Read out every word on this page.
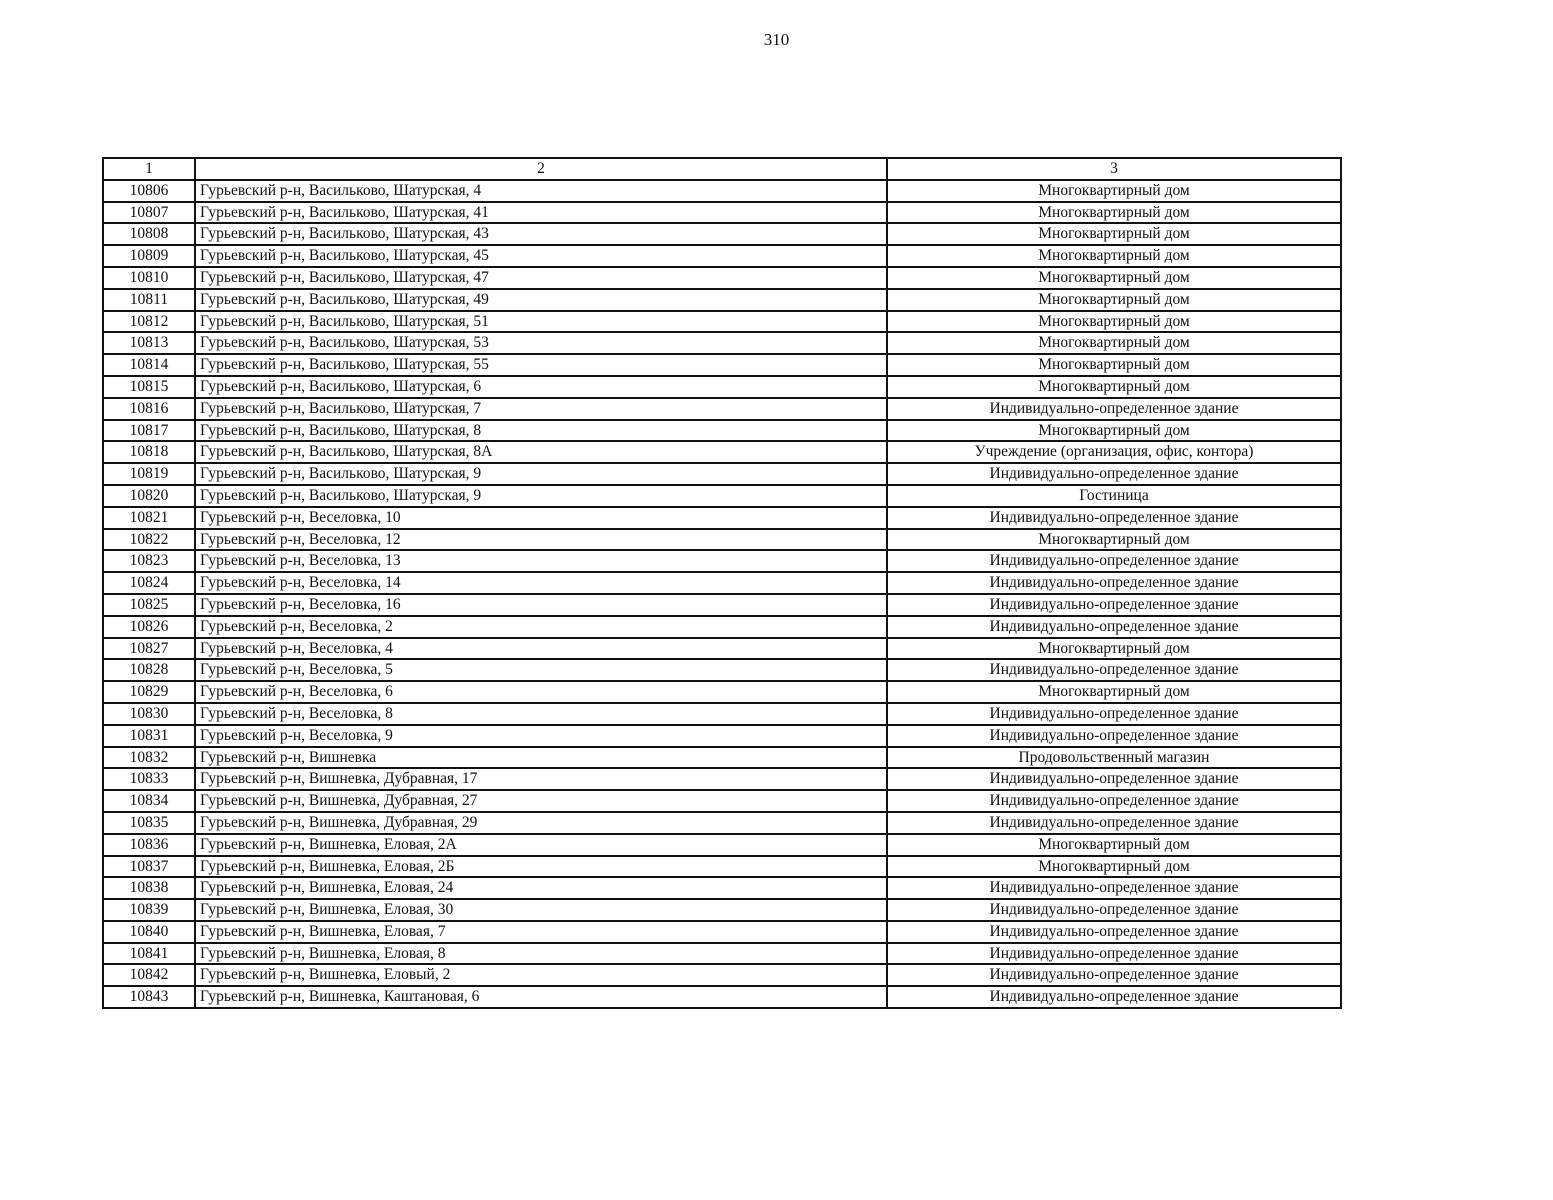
310
1	2	3
10806	Гурьевский р-н, Васильково, Шатурская, 4	Многоквартирный дом
10807	Гурьевский р-н, Васильково, Шатурская, 41	Многоквартирный дом
10808	Гурьевский р-н, Васильково, Шатурская, 43	Многоквартирный дом
10809	Гурьевский р-н, Васильково, Шатурская, 45	Многоквартирный дом
10810	Гурьевский р-н, Васильково, Шатурская, 47	Многоквартирный дом
10811	Гурьевский р-н, Васильково, Шатурская, 49	Многоквартирный дом
10812	Гурьевский р-н, Васильково, Шатурская, 51	Многоквартирный дом
10813	Гурьевский р-н, Васильково, Шатурская, 53	Многоквартирный дом
10814	Гурьевский р-н, Васильково, Шатурская, 55	Многоквартирный дом
10815	Гурьевский р-н, Васильково, Шатурская, 6	Многоквартирный дом
10816	Гурьевский р-н, Васильково, Шатурская, 7	Индивидуально-определенное здание
10817	Гурьевский р-н, Васильково, Шатурская, 8	Многоквартирный дом
10818	Гурьевский р-н, Васильково, Шатурская, 8А	Учреждение (организация, офис, контора)
10819	Гурьевский р-н, Васильково, Шатурская, 9	Индивидуально-определенное здание
10820	Гурьевский р-н, Васильково, Шатурская, 9	Гостиница
10821	Гурьевский р-н, Веселовка, 10	Индивидуально-определенное здание
10822	Гурьевский р-н, Веселовка, 12	Многоквартирный дом
10823	Гурьевский р-н, Веселовка, 13	Индивидуально-определенное здание
10824	Гурьевский р-н, Веселовка, 14	Индивидуально-определенное здание
10825	Гурьевский р-н, Веселовка, 16	Индивидуально-определенное здание
10826	Гурьевский р-н, Веселовка, 2	Индивидуально-определенное здание
10827	Гурьевский р-н, Веселовка, 4	Многоквартирный дом
10828	Гурьевский р-н, Веселовка, 5	Индивидуально-определенное здание
10829	Гурьевский р-н, Веселовка, 6	Многоквартирный дом
10830	Гурьевский р-н, Веселовка, 8	Индивидуально-определенное здание
10831	Гурьевский р-н, Веселовка, 9	Индивидуально-определенное здание
10832	Гурьевский р-н, Вишневка	Продовольственный магазин
10833	Гурьевский р-н, Вишневка, Дубравная, 17	Индивидуально-определенное здание
10834	Гурьевский р-н, Вишневка, Дубравная, 27	Индивидуально-определенное здание
10835	Гурьевский р-н, Вишневка, Дубравная, 29	Индивидуально-определенное здание
10836	Гурьевский р-н, Вишневка, Еловая, 2А	Многоквартирный дом
10837	Гурьевский р-н, Вишневка, Еловая, 2Б	Многоквартирный дом
10838	Гурьевский р-н, Вишневка, Еловая, 24	Индивидуально-определенное здание
10839	Гурьевский р-н, Вишневка, Еловая, 30	Индивидуально-определенное здание
10840	Гурьевский р-н, Вишневка, Еловая, 7	Индивидуально-определенное здание
10841	Гурьевский р-н, Вишневка, Еловая, 8	Индивидуально-определенное здание
10842	Гурьевский р-н, Вишневка, Еловый, 2	Индивидуально-определенное здание
10843	Гурьевский р-н, Вишневка, Каштановая, 6	Индивидуально-определенное здание
